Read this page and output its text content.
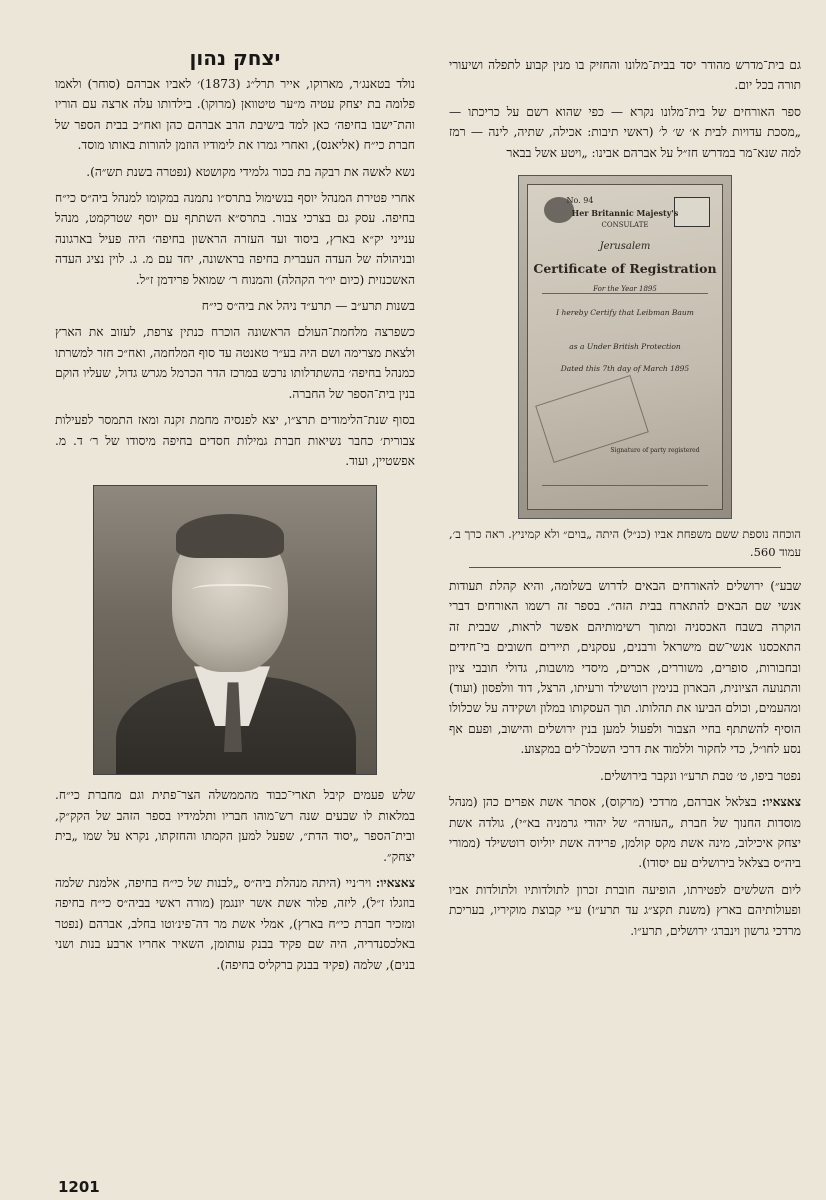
גם בית־מדרש מהודר יסד בבית־מלונו והחזיק בו מנין קבוע לתפלה ושיעורי תורה בכל יום.

ספר האורחים של בית־מלונו נקרא — כפי שהוא רשם על כריכתו — „מסכת עדויות לבית א׳ ש׳ ל׳ (ראשי תיבות: אכילה, שתיה, לינה — רמז למה שנא־מר במדרש חז״ל על אברהם אבינו: „ויטע אשל בבאר

No. 94
Her Britannic Majesty's
CONSULATE
Jerusalem
Certificate of Registration
For the Year 1895
I hereby Certify that Leibman Baum
as a Under British Protection
Dated this 7th day of March 1895
Signature of party registered

הוכחה נוספת ששם משפחת אביו (כנ״ל) היתה „בוים״ ולא קמיניץ. ראה כרך ב׳, עמוד 560.

שבע״) ירושלים להאורחים הבאים לדרוש בשלומה, והיא קהלת תעודות אנשי שם הבאים להתארח בבית הזה״. בספר זה רשמו האורחים דברי הוקרה בשבח האכסניה ומתוך רשימותיהם אפשר לראות, שבבית זה התאכסנו אנשי־שם מישראל ורבנים, עסקנים, תיירים חשובים בי־חידים ובחבורות, סופרים, משוררים, אכרים, מיסדי מושבות, גדולי חובבי ציון והתנועה הציונית, הבארון בנימין רוטשילד ורעיתו, הרצל, דוד וולפסון (ועוד) ומהעמים, וכולם הביעו את תהלותו. תוך העסקותו במלון ושקידה על שכלולו הוסיף להשתתף בחיי הצבור ולפעול למען בנין ירושלים והישוב, ופעם אף נסע לחו״ל, כדי לחקור וללמוד את דרכי השכלו־לים במקצוע.

נפטר ביפו, ט׳ טבת תרע״ו ונקבר בירושלים.

צאצאיו: בצלאל אברהם, מרדכי (מרקוס), אסתר אשת אפרים כהן (מנהל מוסדות החנוך של חברת „העזרה״ של יהודי גרמניה בא״י), גולדה אשת יצחק איכילוב, מינה אשת מקס קולמן, פרידה אשת יוליוס רוטשילד (ממורי ביה״ס בצלאל בירושלים עם יסודו).

ליום השלשים לפטירתו, הופיעה חוברת זכרון לתולדותיו ולתולדות אביו ופעולותיהם בארץ (משנת תקצ״ג עד תרע״ו) ע״י קבוצת מוקיריו, בעריכת מרדכי גרשון וינברג׳ ירושלים, תרע״ו.

יצחק נהון

נולד בטאנג׳ר, מארוקו, אייר תרל״ג (1873)׳ לאביו אברהם (סוחר) ולאמו פלומה בת יצחק עטיה מ״ער טיטוואן (מרוקו). בילדותו עלה ארצה עם הוריו והת־ישבו בחיפה׳ כאן למד בישיבת הרב אברהם כהן ואח״כ בבית הספר של חברת כי״ח (אליאנס), ואחרי גמרו את לימודיו הוזמן להורות באותו מוסד.

נשא לאשה את רבקה בת בכור גלמידי מקושטא (נפטרה בשנת תש״ה).

אחרי פטירת המנהל יוסף בנשימול בתרס״ו נתמנה במקומו למנהל ביה״ס כי״ח בחיפה. עסק גם בצרכי צבור. בתרס״א השתתף עם יוסף שטרקמט, מנהל ענייני יק״א בארץ, ביסוד ועד העזרה הראשון בחיפה׳ היה פעיל בארגונה ובניהולה של העדה העברית בחיפה בראשונה, יחד עם מ. ג. לוין נציג העדה האשכנזית (כיום יו״ר הקהלה) והמנוח ר׳ שמואל פרידמן ז״ל.

בשנות תרע״ב — תרע״ד ניהל את ביה״ס כי״ח

כשפרצה מלחמת־העולם הראשונה הוכרח כנתין צרפת, לעזוב את הארץ ולצאת מצרימה ושם היה בע״ר טאנטה עד סוף המלחמה, ואח״כ חזר למשרתו כמנהל בחיפה׳ בהשתדלותו נרכש במרכז הדר הכרמל מגרש גדול, שעליו הוקם בנין בית־הספר של החברה.

בסוף שנת־הלימודים תרצ״ו, יצא לפנסיה מחמת זקנה ומאז התמסר לפעילות צבורית׳ כחבר נשיאות חברת גמילות חסדים בחיפה מיסודו של ר׳ ד. מ. אפשטיין, ועוד.

שלש פעמים קיבל תארי־כבוד מהממשלה הצר־פתית וגם מחברת כי״ח. במלאות לו שבעים שנה רש־מוהו חבריו ותלמידיו בספר הזהב של הקק״ק, ובית־הספר „יסוד הדת״, שפעל למען הקמתו והחזקתו, נקרא על שמו „בית יצחק״.

צאצאיו: ויר׳ניי (היתה מנהלת ביה״ס „לבנות של כי״ח בחיפה, אלמנת שלמה בוזגלו ז״ל), ליזה, פלור אשת אשר יונגמן (מורה ראשי בביה״ס כי״ח בחיפה ומזכיר חברת כי״ח בארץ), אמלי אשת מר דה־פינ׳וטו בחלב, אברהם (נפטר באלכסנדריה, היה שם פקיד בבנק עותומן, השאיר אחריו ארבע בנות ושני בנים), שלמה (פקיד בבנק ברקליס בחיפה).

1201
